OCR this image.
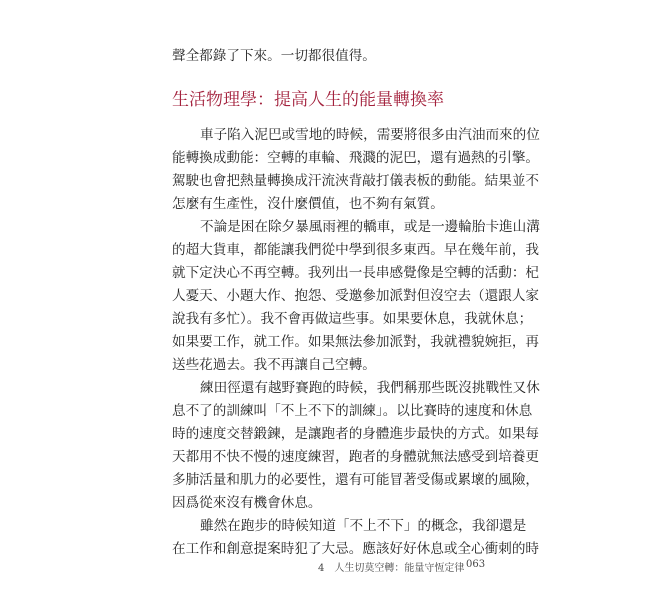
聲全都錄了下來。一切都很值得。
生活物理學：提高人生的能量轉換率
車子陷入泥巴或雪地的時候，需要將很多由汽油而來的位
能轉換成動能：空轉的車輪、飛濺的泥巴，還有過熱的引擎。
駕駛也會把熱量轉換成汗流浹背敲打儀表板的動能。結果並不
怎麼有生產性，沒什麼價值，也不夠有氣質。
不論是困在除夕暴風雨裡的轎車，或是一邊輪胎卡進山溝
的超大貨車，都能讓我們從中學到很多東西。早在幾年前，我
就下定決心不再空轉。我列出一長串感覺像是空轉的活動：杞
人憂天、小題大作、抱怨、受邀參加派對但沒空去（還跟人家
說我有多忙）。我不會再做這些事。如果要休息，我就休息；
如果要工作，就工作。如果無法參加派對，我就禮貌婉拒，再
送些花過去。我不再讓自己空轉。
練田徑還有越野賽跑的時候，我們稱那些既沒挑戰性又休
息不了的訓練叫「不上不下的訓練」。以比賽時的速度和休息
時的速度交替鍛鍊，是讓跑者的身體進步最快的方式。如果每
天都用不快不慢的速度練習，跑者的身體就無法感受到培養更
多肺活量和肌力的必要性，還有可能冒著受傷或累壞的風險，
因爲從來沒有機會休息。
雖然在跑步的時候知道「不上不下」的概念，我卻還是
在工作和創意提案時犯了大忌。應該好好休息或全心衝刺的時
4　人生切莫空轉：能量守恆定律 063
